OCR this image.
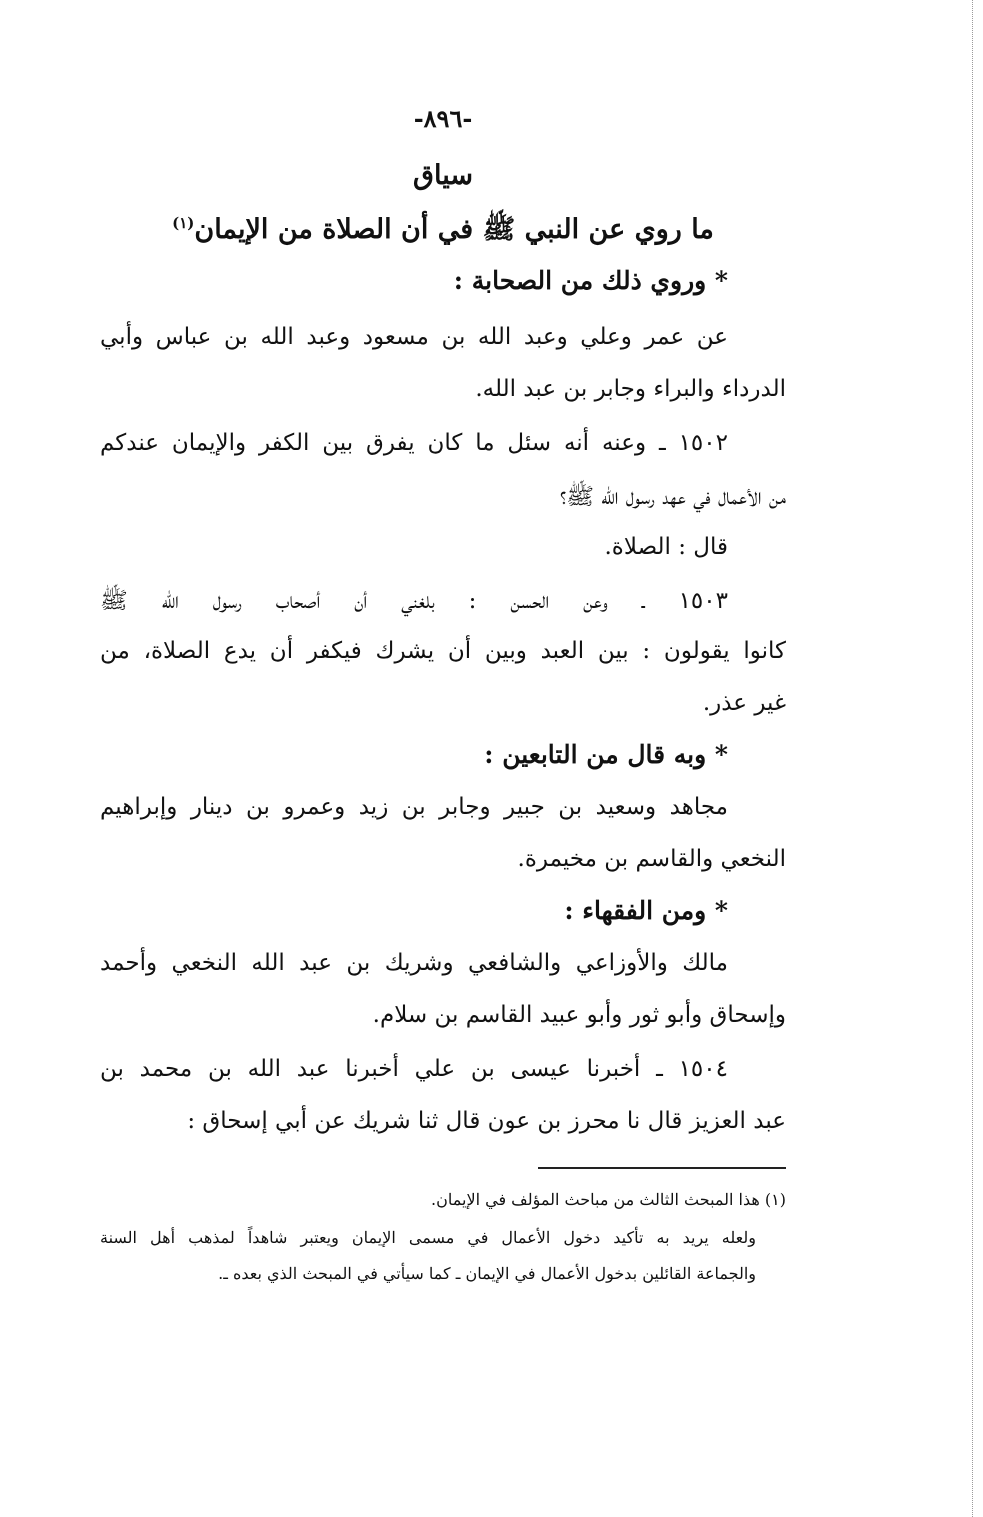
-٨٩٦-
سياق
ما روي عن النبي ﷺ في أن الصلاة من الإيمان$^{(١)}$
* وروي ذلك من الصحابة :
عن عمر وعلي وعبد الله بن مسعود وعبد الله بن عباس وأبي
الدرداء والبراء وجابر بن عبد الله.
١٥٠٢ ـ وعنه أنه سئل ما كان يفرق بين الكفر والإيمان عندكم
من الأعمال في عهد رسول الله ﷺ؟
قال : الصلاة.
١٥٠٣ ـ وعن الحسن : بلغني أن أصحاب رسول الله ﷺ
كانوا يقولون : بين العبد وبين أن يشرك فيكفر أن يدع الصلاة، من
غير عذر.
* وبه قال من التابعين :
مجاهد وسعيد بن جبير وجابر بن زيد وعمرو بن دينار وإبراهيم
النخعي والقاسم بن مخيمرة.
* ومن الفقهاء :
مالك والأوزاعي والشافعي وشريك بن عبد الله النخعي وأحمد
وإسحاق وأبو ثور وأبو عبيد القاسم بن سلام.
١٥٠٤ ـ أخبرنا عيسى بن علي أخبرنا عبد الله بن محمد بن
عبد العزيز قال نا محرز بن عون قال ثنا شريك عن أبي إسحاق :
(١) هذا المبحث الثالث من مباحث المؤلف في الإيمان.
ولعله يريد به تأكيد دخول الأعمال في مسمى الإيمان ويعتبر شاهداً لمذهب أهل السنة
والجماعة القائلين بدخول الأعمال في الإيمان ـ كما سيأتي في المبحث الذي بعده ـ.
